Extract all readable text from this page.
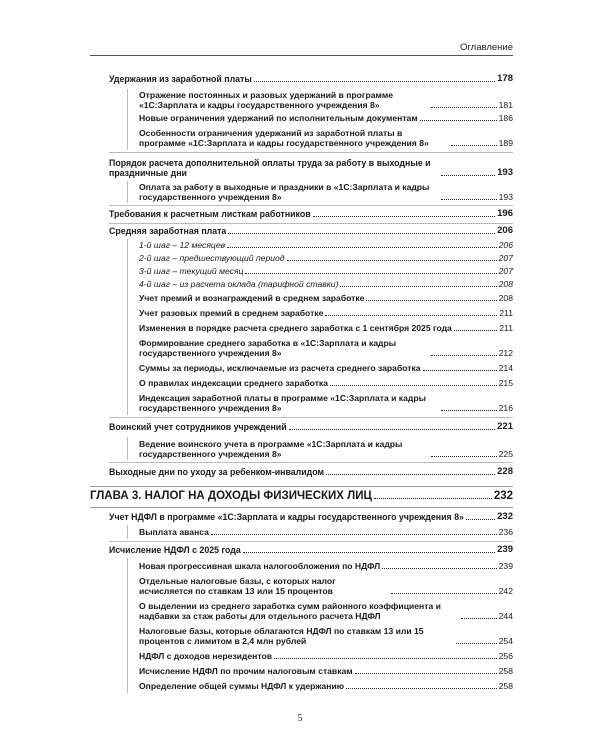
Оглавление
Удержания из заработной платы	178
Отражение постоянных и разовых удержаний в программе «1С:Зарплата и кадры государственного учреждения 8»	181
Новые ограничения удержаний по исполнительным документам	186
Особенности ограничения удержаний из заработной платы в программе «1С:Зарплата и кадры государственного учреждения 8»	189
Порядок расчета дополнительной оплаты труда за работу в выходные и праздничные дни	193
Оплата за работу в выходные и праздники в «1С:Зарплата и кадры государственного учреждения 8»	193
Требования к расчетным листкам работников	196
Средняя заработная плата	206
1-й шаг – 12 месяцев	206
2-й шаг – предшествующий период	207
3-й шаг – текущий месяц	207
4-й шаг – из расчета оклада (тарифной ставки)	208
Учет премий и вознаграждений в среднем заработке	208
Учет разовых премий в среднем заработке	211
Изменения в порядке расчета среднего заработка с 1 сентября 2025 года	211
Формирование среднего заработка в «1С:Зарплата и кадры государственного учреждения 8»	212
Суммы за периоды, исключаемые из расчета среднего заработка	214
О правилах индексации среднего заработка	215
Индексация заработной платы в программе «1С:Зарплата и кадры государственного учреждения 8»	216
Воинский учет сотрудников учреждений	221
Ведение воинского учета в программе «1С:Зарплата и кадры государственного учреждения 8»	225
Выходные дни по уходу за ребенком-инвалидом	228
ГЛАВА 3. НАЛОГ НА ДОХОДЫ ФИЗИЧЕСКИХ ЛИЦ	232
Учет НДФЛ в программе «1С:Зарплата и кадры государственного учреждения 8»	232
Выплата аванса	236
Исчисление НДФЛ с 2025 года	239
Новая прогрессивная шкала налогообложения по НДФЛ	239
Отдельные налоговые базы, с которых налог исчисляется по ставкам 13 или 15 процентов	242
О выделении из среднего заработка сумм районного коэффициента и надбавки за стаж работы для отдельного расчета НДФЛ	244
Налоговые базы, которые облагаются НДФЛ по ставкам 13 или 15 процентов с лимитом в 2,4 млн рублей	254
НДФЛ с доходов нерезидентов	256
Исчисление НДФЛ по прочим налоговым ставкам	258
Определение общей суммы НДФЛ к удержанию	258
5
